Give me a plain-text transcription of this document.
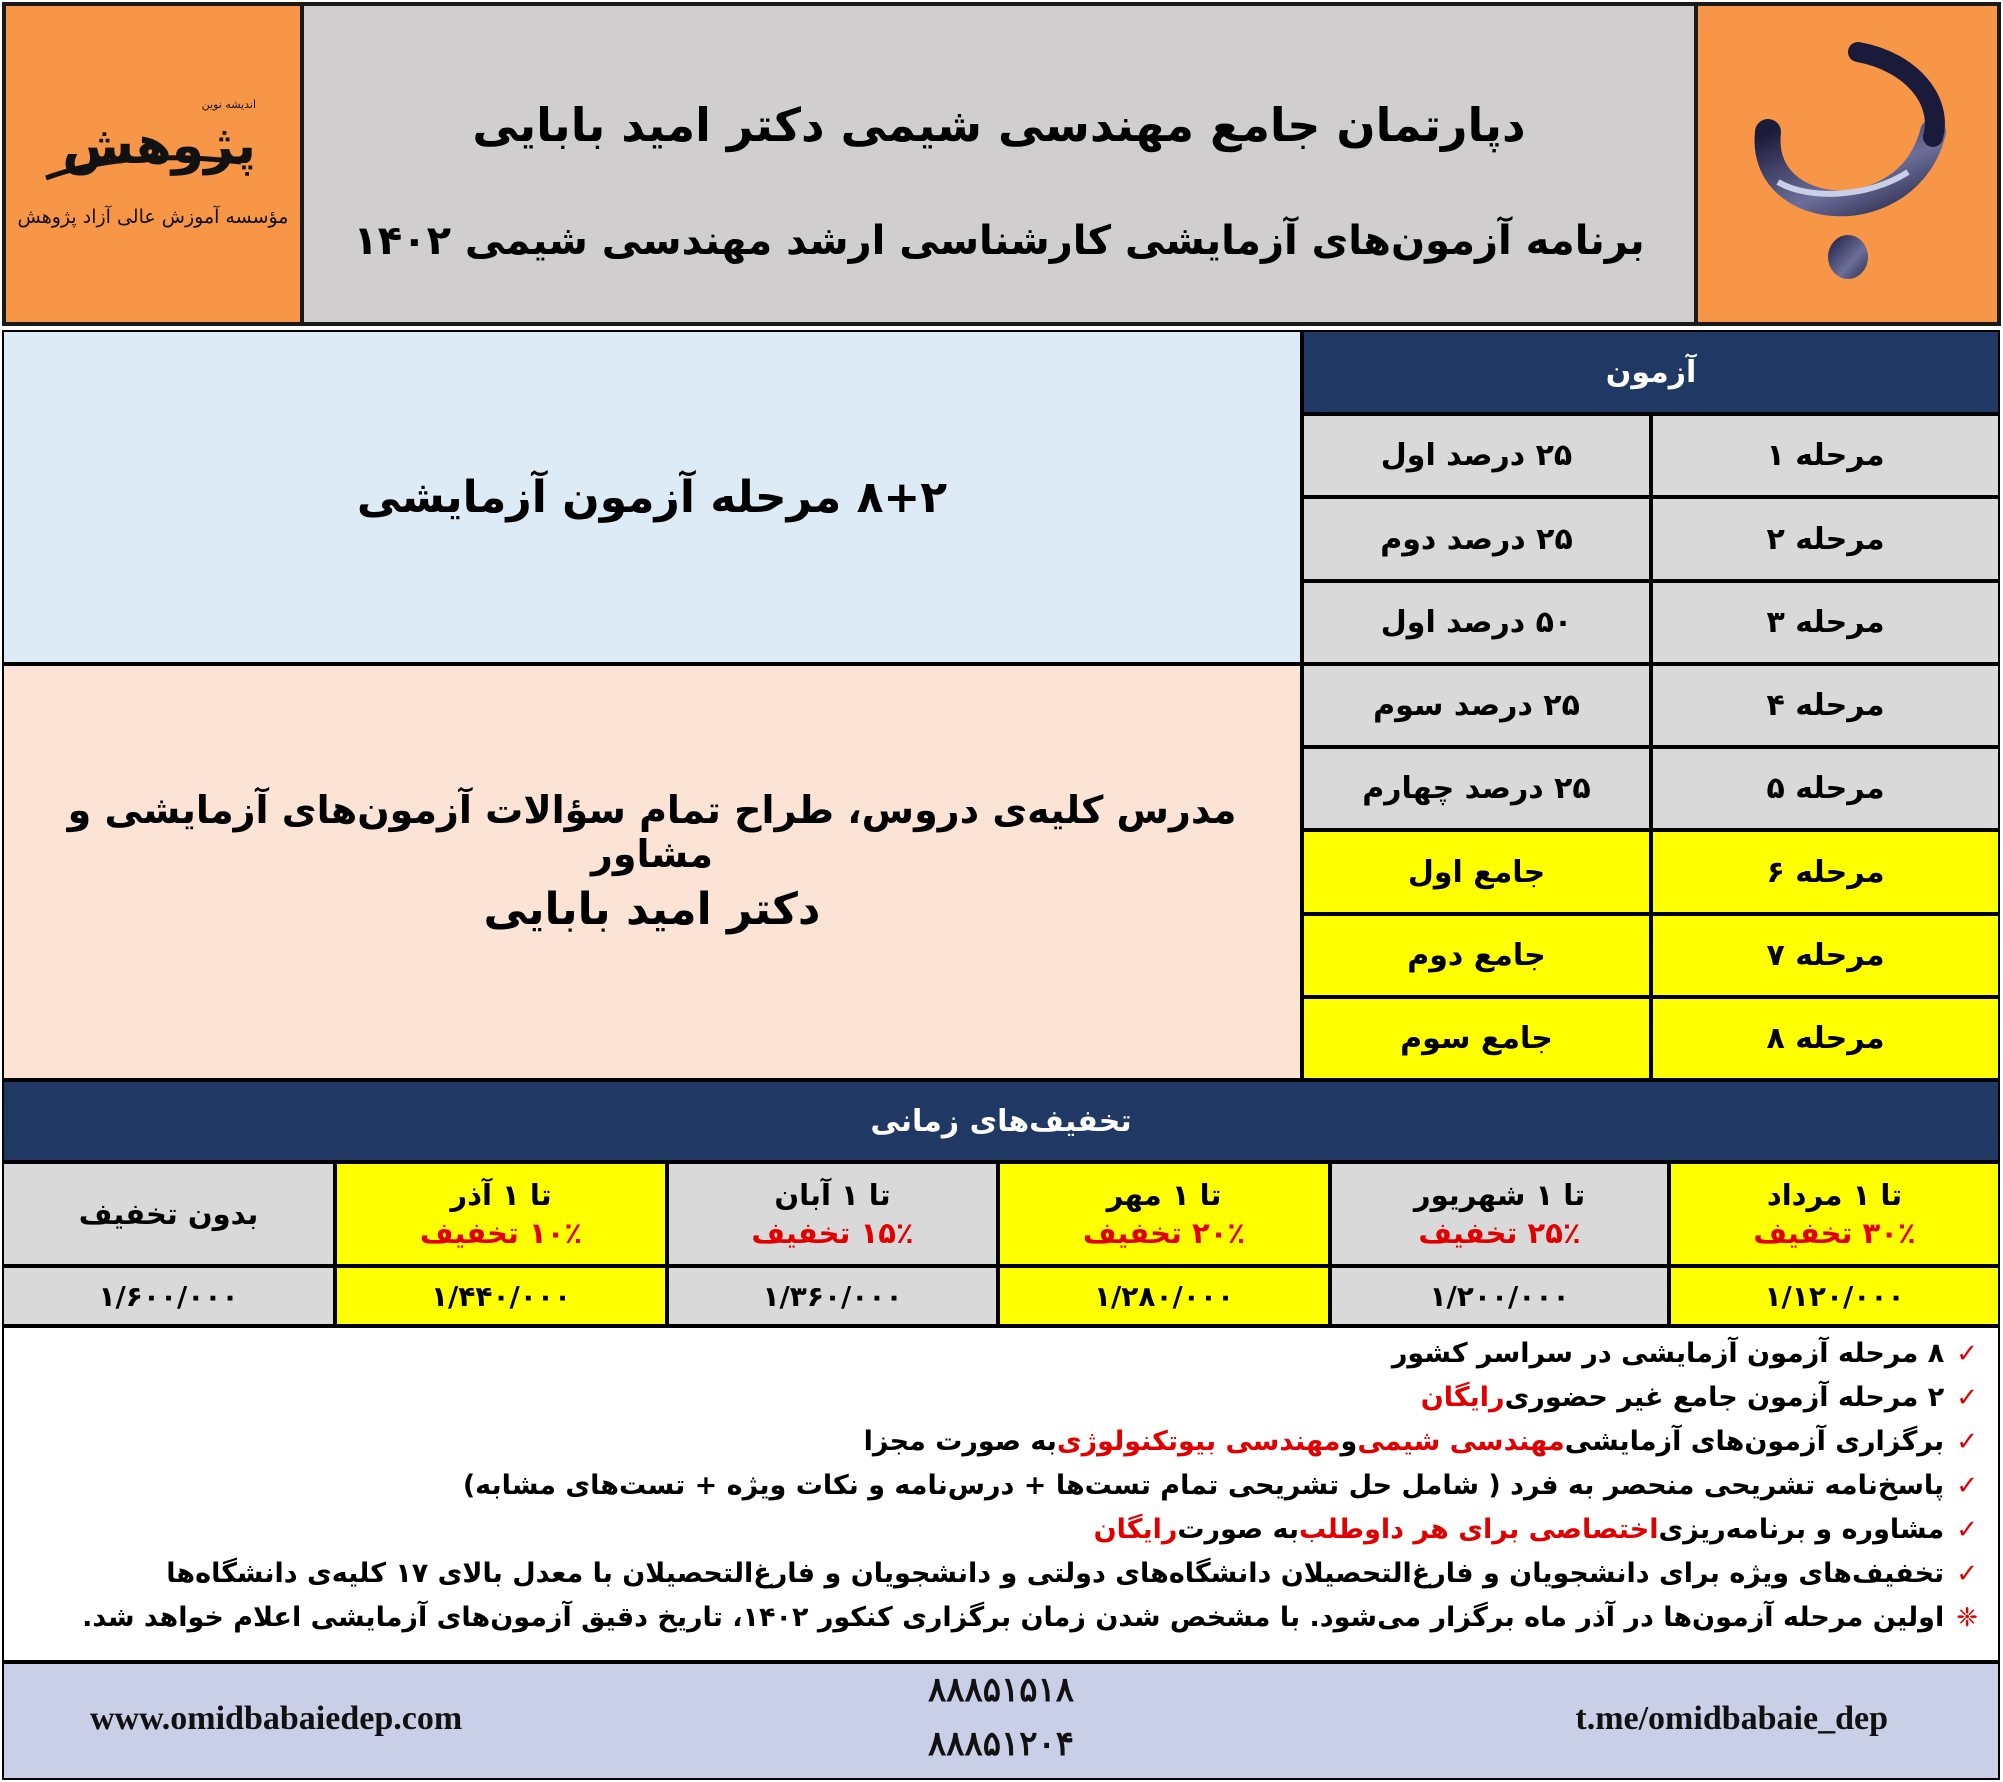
پژوهش
اندیشه نوین
مؤسسه آموزش عالی آزاد پژوهش
دپارتمان جامع مهندسی شیمی دکتر امید بابایی
برنامه آزمون‌های آزمایشی کارشناسی ارشد مهندسی شیمی ۱۴۰۲
۸+۲ مرحله آزمون آزمایشی
مدرس کلیه‌ی دروس، طراح تمام سؤالات آزمون‌های آزمایشی و مشاور
دکتر امید بابایی
آزمون
مرحله ۱
۲۵ درصد اول
مرحله ۲
۲۵ درصد دوم
مرحله ۳
۵۰ درصد اول
مرحله ۴
۲۵ درصد سوم
مرحله ۵
۲۵ درصد چهارم
مرحله ۶
جامع اول
مرحله ۷
جامع دوم
مرحله ۸
جامع سوم
تخفیف‌های زمانی
تا ۱ مرداد
۳۰٪ تخفیف
۱/۱۲۰/۰۰۰
تا ۱ شهریور
۲۵٪ تخفیف
۱/۲۰۰/۰۰۰
تا ۱ مهر
۲۰٪ تخفیف
۱/۲۸۰/۰۰۰
تا ۱ آبان
۱۵٪ تخفیف
۱/۳۶۰/۰۰۰
تا ۱ آذر
۱۰٪ تخفیف
۱/۴۴۰/۰۰۰
بدون تخفیف
۱/۶۰۰/۰۰۰
✓
۸ مرحله آزمون آزمایشی در سراسر کشور
✓
۲ مرحله آزمون جامع غیر حضوری
رایگان
✓
برگزاری آزمون‌های آزمایشی
مهندسی شیمی
و
مهندسی بیوتکنولوژی
به صورت مجزا
✓
پاسخ‌نامه تشریحی منحصر به فرد ( شامل حل تشریحی تمام تست‌ها + درس‌نامه و نکات ویژه + تست‌های مشابه)
✓
مشاوره و برنامه‌ریزی
اختصاصی برای هر داوطلب
به صورت
رایگان
✓
تخفیف‌های ویژه برای دانشجویان و فارغ‌التحصیلان دانشگاه‌های دولتی و دانشجویان و فارغ‌التحصیلان با معدل بالای ۱۷ کلیه‌ی دانشگاه‌ها
❈
اولین مرحله آزمون‌ها در آذر ماه برگزار می‌شود. با مشخص شدن زمان برگزاری کنکور ۱۴۰۲، تاریخ دقیق آزمون‌های آزمایشی اعلام خواهد شد.
www.omidbabaiedep.com
۸۸۸۵۱۵۱۸
۸۸۸۵۱۲۰۴
t.me/omidbabaie_dep
